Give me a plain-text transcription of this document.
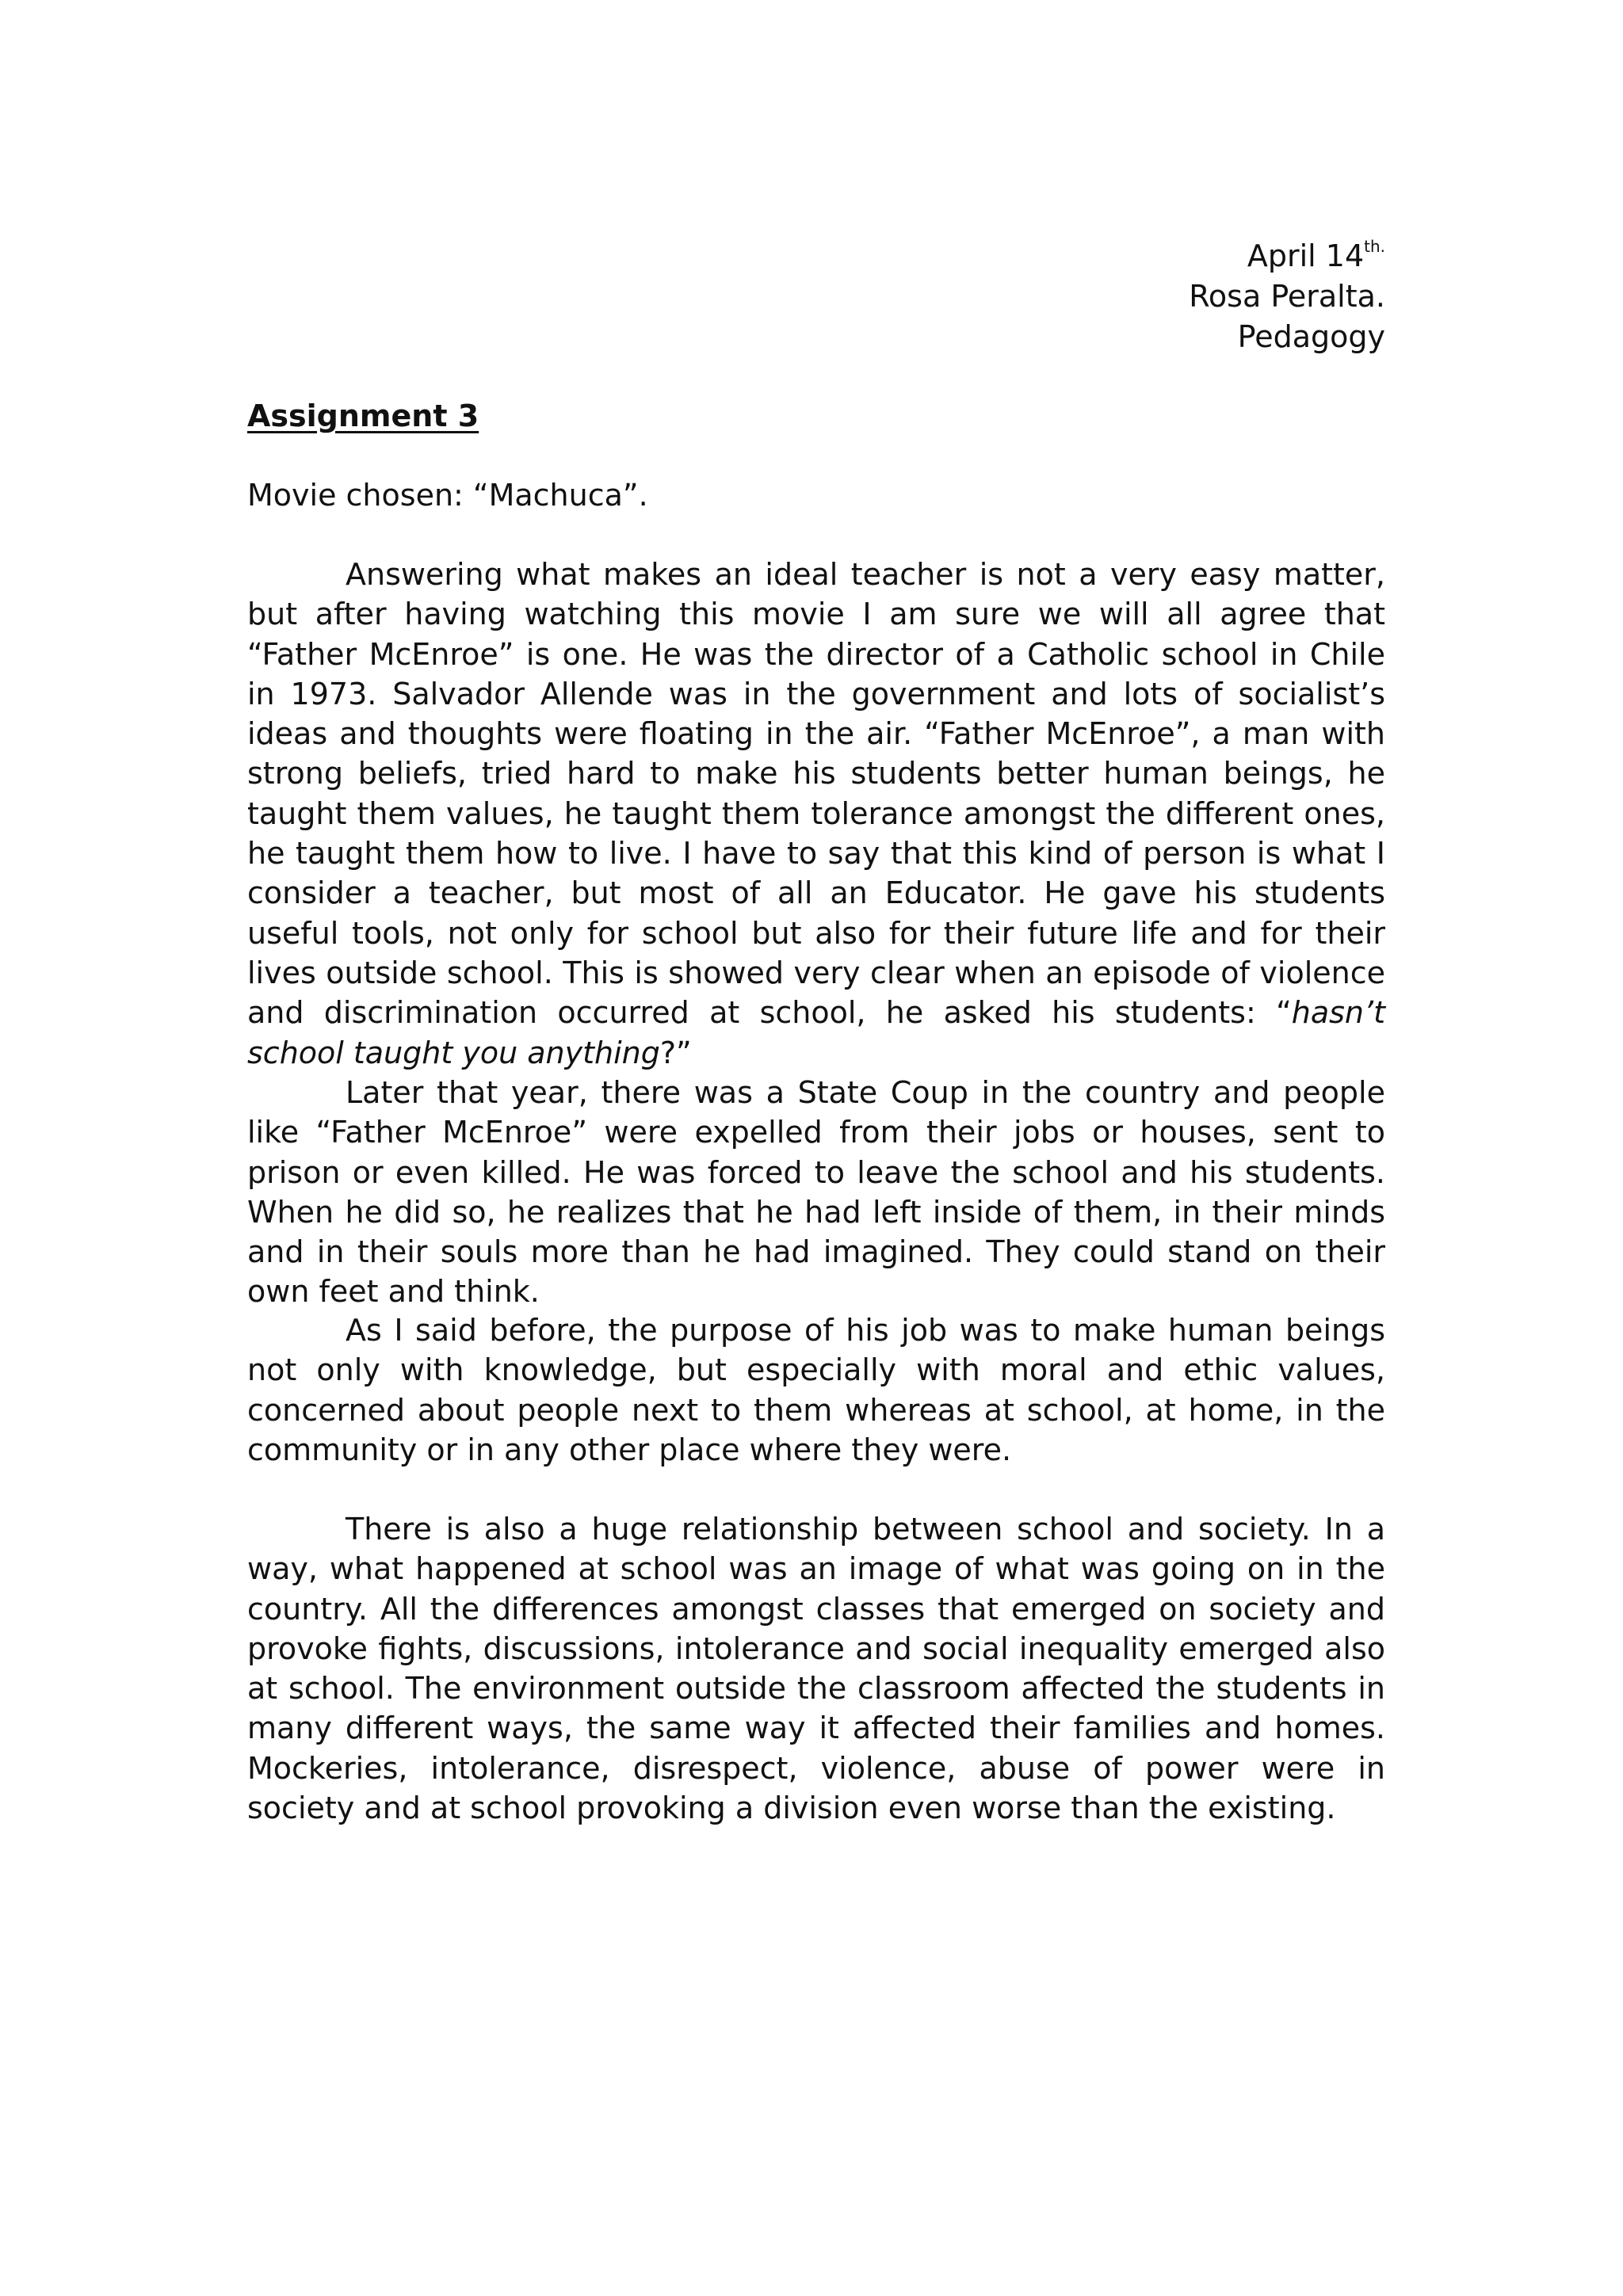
April $14^{th.}$
Rosa Peralta.
Pedagogy
Assignment 3

Movie chosen: “Machuca”.

Answering what makes an ideal teacher is not a very easy matter, but after having watching this movie I am sure we will all agree that “Father McEnroe” is one. He was the director of a Catholic school in Chile in 1973. Salvador Allende was in the government and lots of socialist’s ideas and thoughts were floating in the air. “Father McEnroe”, a man with strong beliefs, tried hard to make his students better human beings, he taught them values, he taught them tolerance amongst the different ones, he taught them how to live. I have to say that this kind of person is what I consider a teacher, but most of all an Educator. He gave his students useful tools, not only for school but also for their future life and for their lives outside school. This is showed very clear when an episode of violence and discrimination occurred at school, he asked his students: “hasn’t school taught you anything?”

Later that year, there was a State Coup in the country and people like “Father McEnroe” were expelled from their jobs or houses, sent to prison or even killed. He was forced to leave the school and his students. When he did so, he realizes that he had left inside of them, in their minds and in their souls more than he had imagined. They could stand on their own feet and think.

As I said before, the purpose of his job was to make human beings not only with knowledge, but especially with moral and ethic values, concerned about people next to them whereas at school, at home, in the community or in any other place where they were.

There is also a huge relationship between school and society. In a way, what happened at school was an image of what was going on in the country. All the differences amongst classes that emerged on society and provoke fights, discussions, intolerance and social inequality emerged also at school. The environment outside the classroom affected the students in many different ways, the same way it affected their families and homes. Mockeries, intolerance, disrespect, violence, abuse of power were in society and at school provoking a division even worse than the existing.
